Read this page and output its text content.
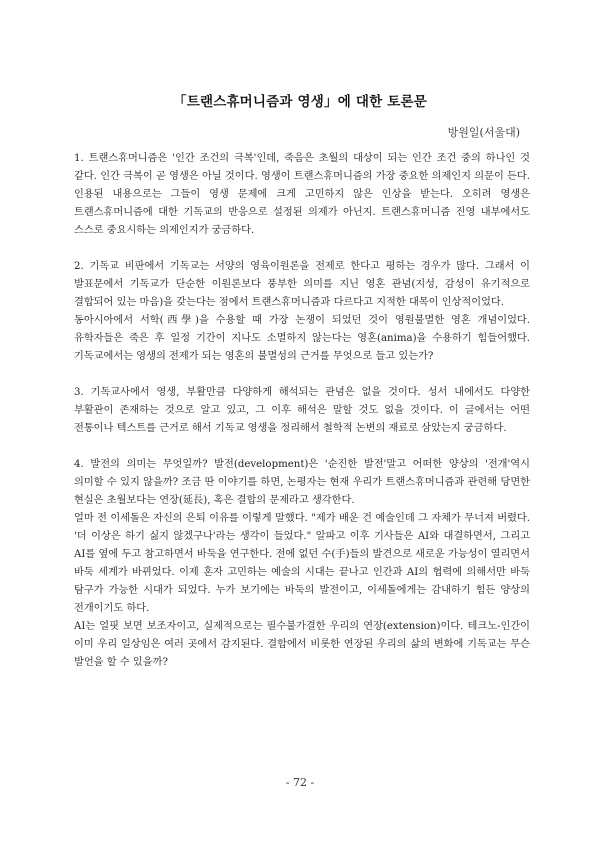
「트랜스휴머니즘과 영생」에 대한 토론문
방원일(서울대)
1. 트랜스휴머니즘은 '인간 조건의 극복'인데, 죽음은 초월의 대상이 되는 인간 조건 중의 하나인 것 같다. 인간 극복이 곧 영생은 아닐 것이다. 영생이 트랜스휴머니즘의 가장 중요한 의제인지 의문이 든다. 인용된 내용으로는 그들이 영생 문제에 크게 고민하지 않은 인상을 받는다. 오히려 영생은 트랜스휴머니즘에 대한 기독교의 반응으로 설정된 의제가 아닌지. 트랜스휴머니즘 진영 내부에서도 스스로 중요시하는 의제인지가 궁금하다.
2. 기독교 비판에서 기독교는 서양의 영육이원론을 전제로 한다고 평하는 경우가 많다. 그래서 이 발표문에서 기독교가 단순한 이원론보다 풍부한 의미를 지닌 영혼 관념(지성, 감성이 유기적으로 결합되어 있는 마음)을 갖는다는 점에서 트랜스휴머니즘과 다르다고 지적한 대목이 인상적이었다.
동아시아에서 서학(西學)을 수용할 때 가장 논쟁이 되었던 것이 영원불멸한 영혼 개념이었다. 유학자들은 죽은 후 일정 기간이 지나도 소멸하지 않는다는 영혼(anima)을 수용하기 힘들어했다. 기독교에서는 영생의 전제가 되는 영혼의 불멸성의 근거를 무엇으로 들고 있는가?
3. 기독교사에서 영생, 부활만큼 다양하게 해석되는 관념은 없을 것이다. 성서 내에서도 다양한 부활관이 존재하는 것으로 알고 있고, 그 이후 해석은 말할 것도 없을 것이다. 이 글에서는 어떤 전통이나 텍스트를 근거로 해서 기독교 영생을 정리해서 철학적 논변의 재료로 삼았는지 궁금하다.
4. 발전의 의미는 무엇일까? 발전(development)은 '순진한 발전'말고 어떠한 양상의 '전개'역시 의미할 수 있지 않을까? 조금 딴 이야기를 하면, 논평자는 현재 우리가 트랜스휴머니즘과 관련해 당면한 현실은 초월보다는 연장(延長), 혹은 결합의 문제라고 생각한다.
얼마 전 이세돌은 자신의 은퇴 이유를 이렇게 말했다. "제가 배운 건 예술인데 그 자체가 무너져 버렸다. '더 이상은 하기 싫지 않겠구나'라는 생각이 들었다." 알파고 이후 기사들은 AI와 대결하면서, 그리고 AI를 옆에 두고 참고하면서 바둑을 연구한다. 전에 없던 수(手)들의 발견으로 새로운 가능성이 열리면서 바둑 세계가 바뀌었다. 이제 혼자 고민하는 예술의 시대는 끝나고 인간과 AI의 협력에 의해서만 바둑 탐구가 가능한 시대가 되었다. 누가 보기에는 바둑의 발전이고, 이세돌에게는 감내하기 힘든 양상의 전개이기도 하다.
AI는 얼핏 보면 보조자이고, 실제적으로는 필수불가결한 우리의 연장(extension)이다. 테크노-인간이 이미 우리 일상임은 여러 곳에서 감지된다. 결합에서 비롯한 연장된 우리의 삶의 변화에 기독교는 무슨 발언을 할 수 있을까?
- 72 -
